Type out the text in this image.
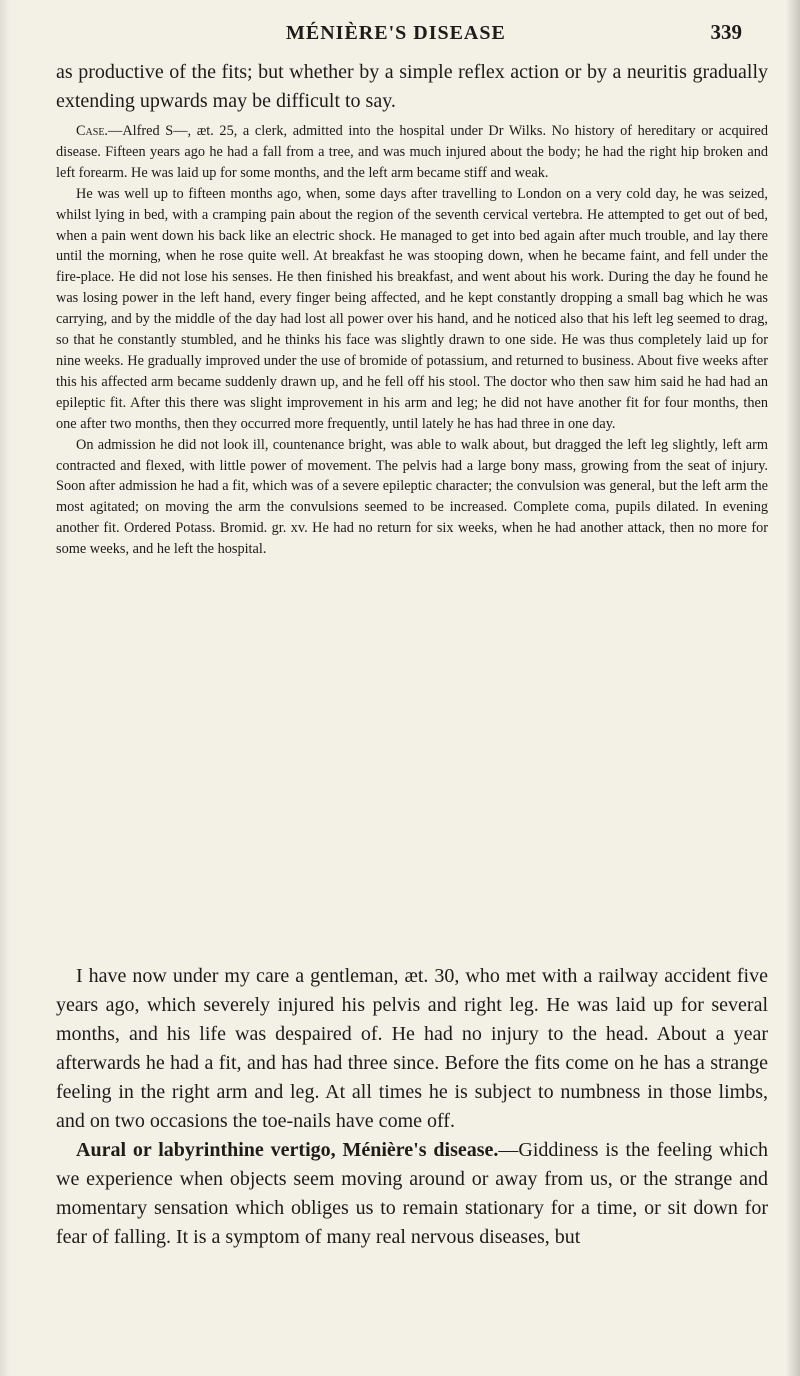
MÉNIÈRE'S DISEASE	339

as productive of the fits; but whether by a simple reflex action or by a neuritis gradually extending upwards may be difficult to say.

Case.—Alfred S—, æt. 25, a clerk, admitted into the hospital under Dr Wilks. No history of hereditary or acquired disease. Fifteen years ago he had a fall from a tree, and was much injured about the body; he had the right hip broken and left forearm. He was laid up for some months, and the left arm became stiff and weak.

He was well up to fifteen months ago, when, some days after travelling to London on a very cold day, he was seized, whilst lying in bed, with a cramping pain about the region of the seventh cervical vertebra. He attempted to get out of bed, when a pain went down his back like an electric shock. He managed to get into bed again after much trouble, and lay there until the morning, when he rose quite well. At breakfast he was stooping down, when he became faint, and fell under the fire-place. He did not lose his senses. He then finished his breakfast, and went about his work. During the day he found he was losing power in the left hand, every finger being affected, and he kept constantly dropping a small bag which he was carrying, and by the middle of the day had lost all power over his hand, and he noticed also that his left leg seemed to drag, so that he constantly stumbled, and he thinks his face was slightly drawn to one side. He was thus completely laid up for nine weeks. He gradually improved under the use of bromide of potassium, and returned to business. About five weeks after this his affected arm became suddenly drawn up, and he fell off his stool. The doctor who then saw him said he had had an epileptic fit. After this there was slight improvement in his arm and leg; he did not have another fit for four months, then one after two months, then they occurred more frequently, until lately he has had three in one day.

On admission he did not look ill, countenance bright, was able to walk about, but dragged the left leg slightly, left arm contracted and flexed, with little power of movement. The pelvis had a large bony mass, growing from the seat of injury. Soon after admission he had a fit, which was of a severe epileptic character; the convulsion was general, but the left arm the most agitated; on moving the arm the convulsions seemed to be increased. Complete coma, pupils dilated. In evening another fit. Ordered Potass. Bromid. gr. xv. He had no return for six weeks, when he had another attack, then no more for some weeks, and he left the hospital.

I have now under my care a gentleman, æt. 30, who met with a railway accident five years ago, which severely injured his pelvis and right leg. He was laid up for several months, and his life was despaired of. He had no injury to the head. About a year afterwards he had a fit, and has had three since. Before the fits come on he has a strange feeling in the right arm and leg. At all times he is subject to numbness in those limbs, and on two occasions the toe-nails have come off.

Aural or labyrinthine vertigo, Ménière's disease.—Giddiness is the feeling which we experience when objects seem moving around or away from us, or the strange and momentary sensation which obliges us to remain stationary for a time, or sit down for fear of falling. It is a symptom of many real nervous diseases, but
